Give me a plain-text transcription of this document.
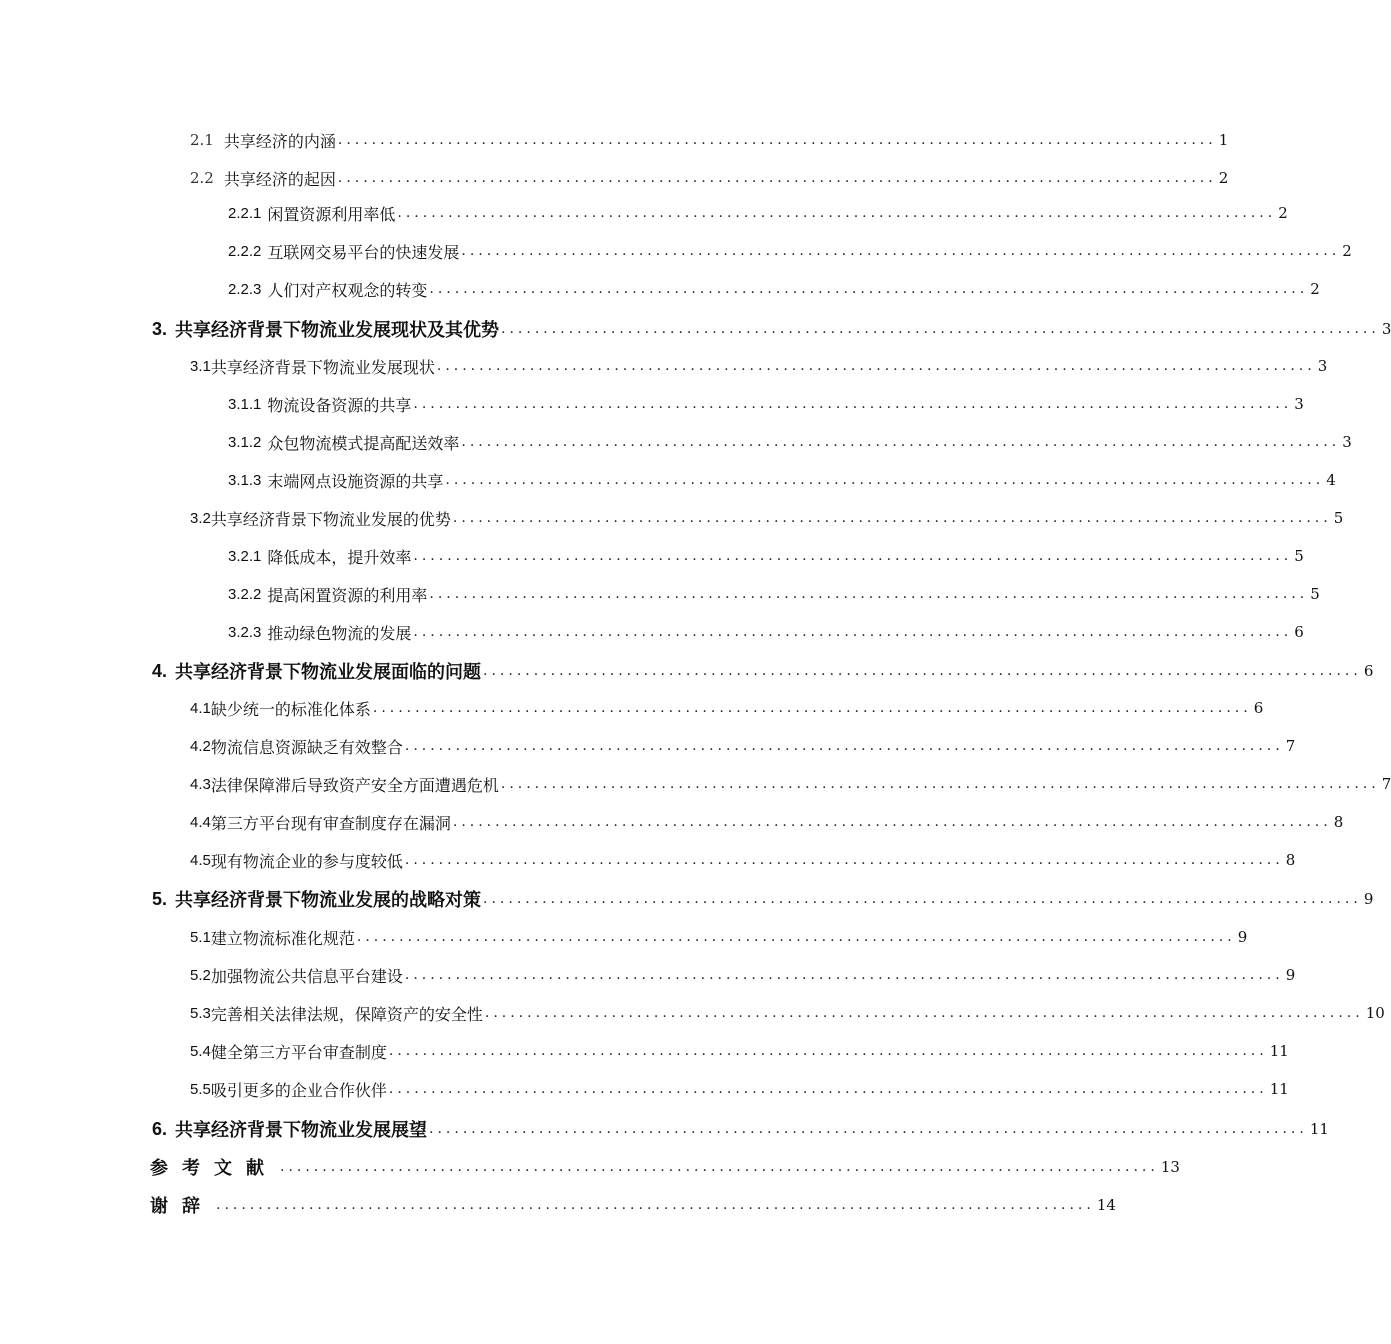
2.1 共享经济的内涵 ........................................................................................................ 1
2.2 共享经济的起因 ........................................................................................................ 2
2.2.1 闲置资源利用率低 ........................................................................................................ 2
2.2.2 互联网交易平台的快速发展 ........................................................................................................ 2
2.2.3 人们对产权观念的转变 ........................................................................................................ 2
3. 共享经济背景下物流业发展现状及其优势 ........................................................................................................ 3
3.1 共享经济背景下物流业发展现状 ........................................................................................................ 3
3.1.1 物流设备资源的共享 ........................................................................................................ 3
3.1.2 众包物流模式提高配送效率 ........................................................................................................ 3
3.1.3 末端网点设施资源的共享 ........................................................................................................ 4
3.2 共享经济背景下物流业发展的优势 ........................................................................................................ 5
3.2.1 降低成本，提升效率 ........................................................................................................ 5
3.2.2 提高闲置资源的利用率 ........................................................................................................ 5
3.2.3 推动绿色物流的发展 ........................................................................................................ 6
4. 共享经济背景下物流业发展面临的问题 ........................................................................................................ 6
4.1 缺少统一的标准化体系 ........................................................................................................ 6
4.2 物流信息资源缺乏有效整合 ........................................................................................................ 7
4.3 法律保障滞后导致资产安全方面遭遇危机 ........................................................................................................ 7
4.4 第三方平台现有审查制度存在漏洞 ........................................................................................................ 8
4.5 现有物流企业的参与度较低 ........................................................................................................ 8
5. 共享经济背景下物流业发展的战略对策 ........................................................................................................ 9
5.1 建立物流标准化规范 ........................................................................................................ 9
5.2 加强物流公共信息平台建设 ........................................................................................................ 9
5.3 完善相关法律法规，保障资产的安全性 ........................................................................................................ 10
5.4 健全第三方平台审查制度 ........................................................................................................ 11
5.5 吸引更多的企业合作伙伴 ........................................................................................................ 11
6. 共享经济背景下物流业发展展望 ........................................................................................................ 11
参考文献 ........................................................................................................ 13
谢辞 ........................................................................................................ 14
